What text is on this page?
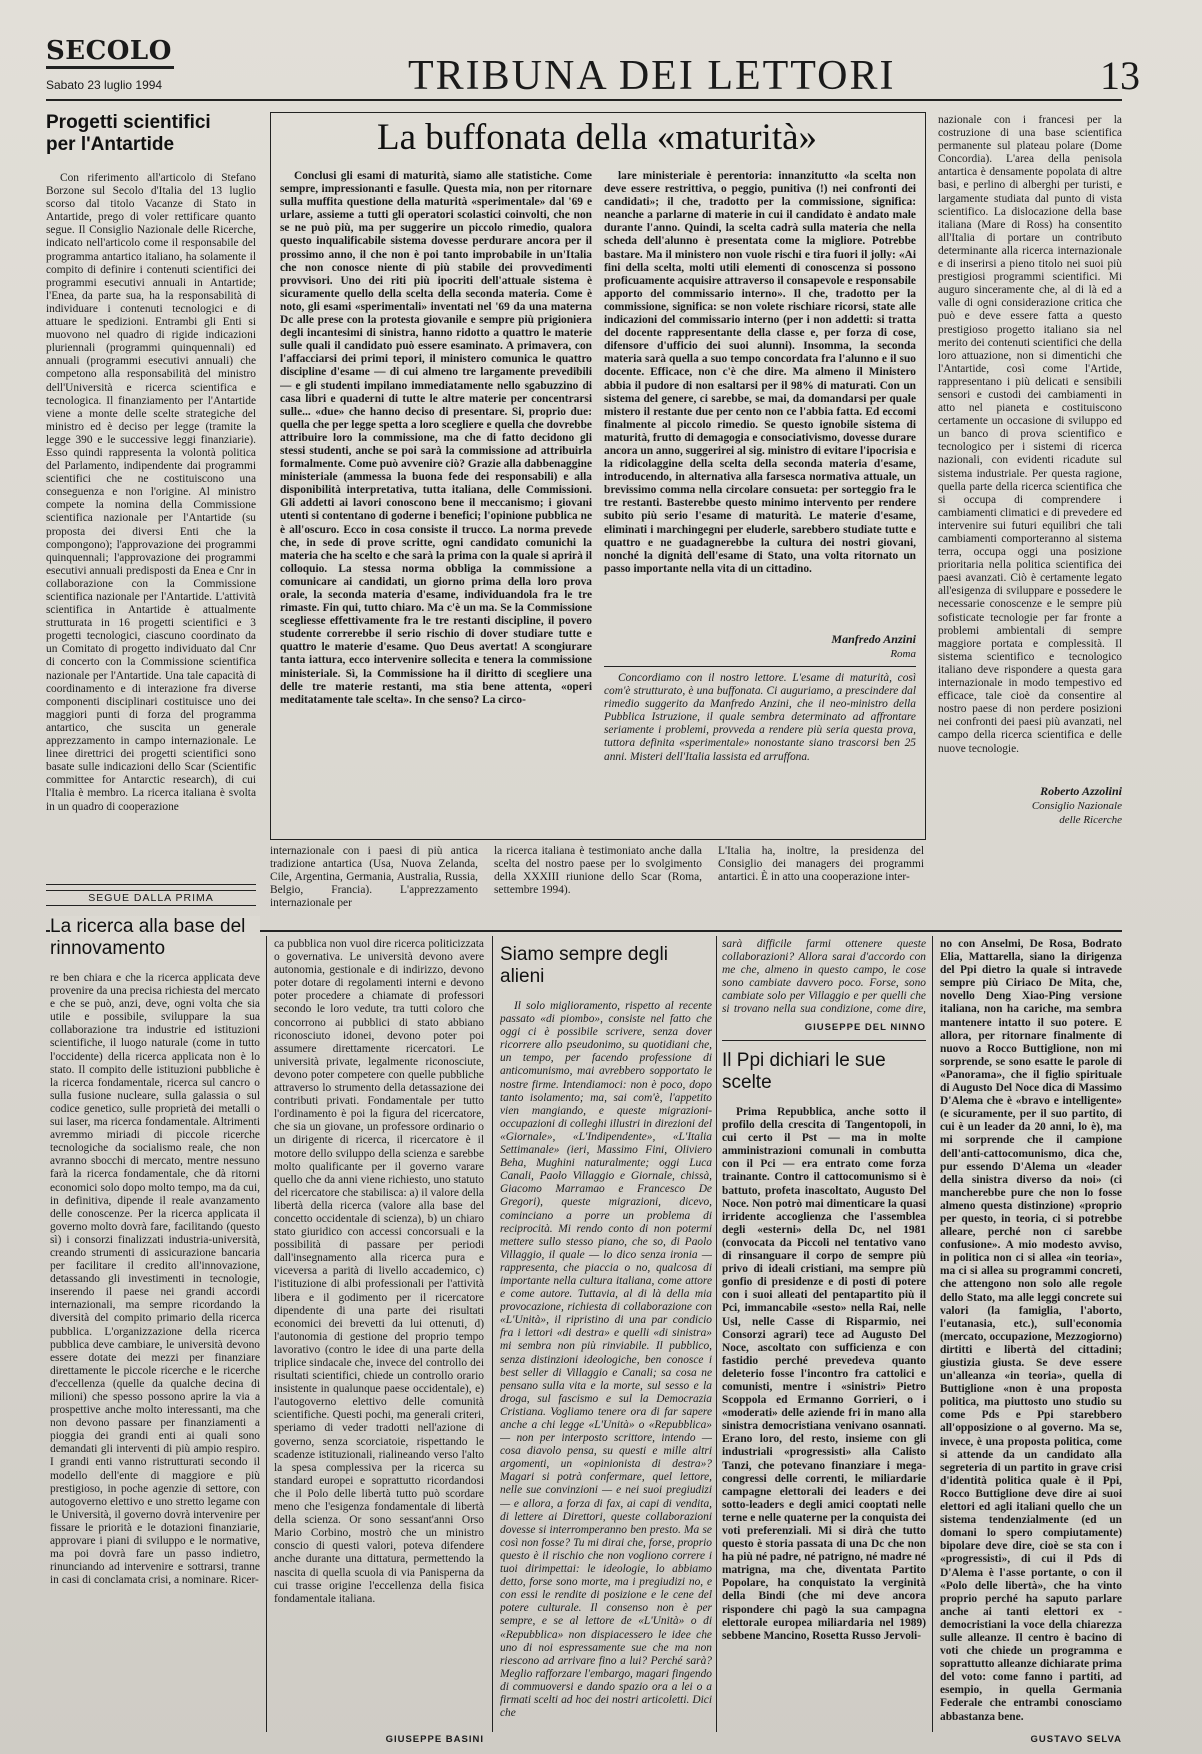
SECOLO
Sabato 23 luglio 1994	TRIBUNA DEI LETTORI	13
Progetti scientifici per l'Antartide

Con riferimento all'articolo di Stefano Borzone sul Secolo d'Italia del 13 luglio scorso dal titolo Vacanze di Stato in Antartide, prego di voler rettificare quanto segue. Il Consiglio Nazionale delle Ricerche, indicato nell'articolo come il responsabile del programma antartico italiano, ha solamente il compito di definire i contenuti scientifici dei programmi esecutivi annuali in Antartide; l'Enea, da parte sua, ha la responsabilità di individuare i contenuti tecnologici e di attuare le spedizioni. Entrambi gli Enti si muovono nel quadro di rigide indicazioni pluriennali (programmi quinquennali) ed annuali (programmi esecutivi annuali) che competono alla responsabilità del ministro dell'Università e ricerca scientifica e tecnologica. Il finanziamento per l'Antartide viene a monte delle scelte strategiche del ministro ed è deciso per legge (tramite la legge 390 e le successive leggi finanziarie). Esso quindi rappresenta la volontà politica del Parlamento, indipendente dai programmi scientifici che ne costituiscono una conseguenza e non l'origine. Al ministro compete la nomina della Commissione scientifica nazionale per l'Antartide (su proposta dei diversi Enti che la compongono); l'approvazione dei programmi quinquennali; l'approvazione dei programmi esecutivi annuali predisposti da Enea e Cnr in collaborazione con la Commissione scientifica nazionale per l'Antartide. L'attività scientifica in Antartide è attualmente strutturata in 16 progetti scientifici e 3 progetti tecnologici, ciascuno coordinato da un Comitato di progetto individuato dal Cnr di concerto con la Commissione scientifica nazionale per l'Antartide. Una tale capacità di coordinamento e di interazione fra diverse componenti disciplinari costituisce uno dei maggiori punti di forza del programma antartico, che suscita un generale apprezzamento in campo internazionale. Le linee direttrici dei progetti scientifici sono basate sulle indicazioni dello Scar (Scientific committee for Antarctic research), di cui l'Italia è membro. La ricerca italiana è svolta in un quadro di cooperazione

La buffonata della «maturità»

Conclusi gli esami di maturità, siamo alle statistiche. Come sempre, impressionanti e fasulle. Questa mia, non per ritornare sulla muffita questione della maturità «sperimentale» dal '69 e urlare, assieme a tutti gli operatori scolastici coinvolti, che non se ne può più, ma per suggerire un piccolo rimedio, qualora questo inqualificabile sistema dovesse perdurare ancora per il prossimo anno, il che non è poi tanto improbabile in un'Italia che non conosce niente di più stabile dei provvedimenti provvisori. Uno dei riti più ipocriti dell'attuale sistema è sicuramente quello della scelta della seconda materia. Come è noto, gli esami «sperimentali» inventati nel '69 da una materna Dc alle prese con la protesta giovanile e sempre più prigioniera degli incantesimi di sinistra, hanno ridotto a quattro le materie sulle quali il candidato può essere esaminato. A primavera, con l'affacciarsi dei primi tepori, il ministero comunica le quattro discipline d'esame — di cui almeno tre largamente prevedibili — e gli studenti impilano immediatamente nello sgabuzzino di casa libri e quaderni di tutte le altre materie per concentrarsi sulle... «due» che hanno deciso di presentare. Si, proprio due: quella che per legge spetta a loro scegliere e quella che dovrebbe attribuire loro la commissione, ma che di fatto decidono gli stessi studenti, anche se poi sarà la commissione ad attribuirla formalmente. Come può avvenire ciò? Grazie alla dabbenaggine ministeriale (ammessa la buona fede dei responsabili) e alla disponibilità interpretativa, tutta italiana, delle Commissioni. Gli addetti ai lavori conoscono bene il meccanismo; i giovani utenti si contentano di goderne i benefici; l'opinione pubblica ne è all'oscuro. Ecco in cosa consiste il trucco. La norma prevede che, in sede di prove scritte, ogni candidato comunichi la materia che ha scelto e che sarà la prima con la quale si aprirà il colloquio. La stessa norma obbliga la commissione a comunicare ai candidati, un giorno prima della loro prova orale, la seconda materia d'esame, individuandola fra le tre rimaste. Fin qui, tutto chiaro. Ma c'è un ma. Se la Commissione scegliesse effettivamente fra le tre restanti discipline, il povero studente correrebbe il serio rischio di dover studiare tutte e quattro le materie d'esame. Quo Deus avertat! A scongiurare tanta iattura, ecco intervenire sollecita e tenera la commissione ministeriale. Sì, la Commissione ha il diritto di scegliere una delle tre materie restanti, ma stia bene attenta, «operi meditatamente tale scelta». In che senso? La circo-

lare ministeriale è perentoria: innanzitutto «la scelta non deve essere restrittiva, o peggio, punitiva (!) nei confronti dei candidati»; il che, tradotto per la commissione, significa: neanche a parlarne di materie in cui il candidato è andato male durante l'anno. Quindi, la scelta cadrà sulla materia che nella scheda dell'alunno è presentata come la migliore. Potrebbe bastare. Ma il ministero non vuole rischi e tira fuori il jolly: «Ai fini della scelta, molti utili elementi di conoscenza si possono proficuamente acquisire attraverso il consapevole e responsabile apporto del commissario interno». Il che, tradotto per la commissione, significa: se non volete rischiare ricorsi, state alle indicazioni del commissario interno (per i non addetti: si tratta del docente rappresentante della classe e, per forza di cose, difensore d'ufficio dei suoi alunni). Insomma, la seconda materia sarà quella a suo tempo concordata fra l'alunno e il suo docente. Efficace, non c'è che dire. Ma almeno il Ministero abbia il pudore di non esaltarsi per il 98% di maturati. Con un sistema del genere, ci sarebbe, se mai, da domandarsi per quale mistero il restante due per cento non ce l'abbia fatta. Ed eccomi finalmente al piccolo rimedio. Se questo ignobile sistema di maturità, frutto di demagogia e consociativismo, dovesse durare ancora un anno, suggerirei al sig. ministro di evitare l'ipocrisia e la ridicolaggine della scelta della seconda materia d'esame, introducendo, in alternativa alla farsesca normativa attuale, un brevissimo comma nella circolare consueta: per sorteggio fra le tre restanti. Basterebbe questo minimo intervento per rendere subito più serio l'esame di maturità. Le materie d'esame, eliminati i marchingegni per eluderle, sarebbero studiate tutte e quattro e ne guadagnerebbe la cultura dei nostri giovani, nonché la dignità dell'esame di Stato, una volta ritornato un passo importante nella vita di un cittadino.

Manfredo Anzini
Roma

Concordiamo con il nostro lettore. L'esame di maturità, così com'è strutturato, è una buffonata. Ci auguriamo, a prescindere dal rimedio suggerito da Manfredo Anzini, che il neo-ministro della Pubblica Istruzione, il quale sembra determinato ad affrontare seriamente i problemi, provveda a rendere più seria questa prova, tuttora definita «sperimentale» nonostante siano trascorsi ben 25 anni. Misteri dell'Italia lassista ed arruffona.

nazionale con i francesi per la costruzione di una base scientifica permanente sul plateau polare (Dome Concordia). L'area della penisola antartica è densamente popolata di altre basi, e perlino di alberghi per turisti, e largamente studiata dal punto di vista scientifico. La dislocazione della base italiana (Mare di Ross) ha consentito all'Italia di portare un contributo determinante alla ricerca internazionale e di inserirsi a pieno titolo nei suoi più prestigiosi programmi scientifici. Mi auguro sinceramente che, al di là ed a valle di ogni considerazione critica che può e deve essere fatta a questo prestigioso progetto italiano sia nel merito dei contenuti scientifici che della loro attuazione, non si dimentichi che l'Antartide, così come l'Artide, rappresentano i più delicati e sensibili sensori e custodi dei cambiamenti in atto nel pianeta e costituiscono certamente un occasione di sviluppo ed un banco di prova scientifico e tecnologico per i sistemi di ricerca nazionali, con evidenti ricadute sul sistema industriale. Per questa ragione, quella parte della ricerca scientifica che si occupa di comprendere i cambiamenti climatici e di prevedere ed intervenire sui futuri equilibri che tali cambiamenti comporteranno al sistema terra, occupa oggi una posizione prioritaria nella politica scientifica dei paesi avanzati. Ciò è certamente legato all'esigenza di sviluppare e possedere le necessarie conoscenze e le sempre più sofisticate tecnologie per far fronte a problemi ambientali di sempre maggiore portata e complessità. Il sistema scientifico e tecnologico italiano deve rispondere a questa gara internazionale in modo tempestivo ed efficace, tale cioè da consentire al nostro paese di non perdere posizioni nei confronti dei paesi più avanzati, nel campo della ricerca scientifica e delle nuove tecnologie.

Roberto Azzolini
Consiglio Nazionale
delle Ricerche

internazionale con i paesi di più antica tradizione antartica (Usa, Nuova Zelanda, Cile, Argentina, Germania, Australia, Russia, Belgio, Francia). L'apprezzamento internazionale per

la ricerca italiana è testimoniato anche dalla scelta del nostro paese per lo svolgimento della XXXIII riunione dello Scar (Roma, settembre 1994).

L'Italia ha, inoltre, la presidenza del Consiglio dei managers dei programmi antartici. È in atto una cooperazione inter-

SEGUE DALLA PRIMA
La ricerca alla base del rinnovamento

re ben chiara e che la ricerca applicata deve provenire da una precisa richiesta del mercato e che se può, anzi, deve, ogni volta che sia utile e possibile, sviluppare la sua collaborazione tra industrie ed istituzioni scientifiche, il luogo naturale (come in tutto l'occidente) della ricerca applicata non è lo stato. Il compito delle istituzioni pubbliche è la ricerca fondamentale, ricerca sul cancro o sulla fusione nucleare, sulla galassia o sul codice genetico, sulle proprietà dei metalli o sui laser, ma ricerca fondamentale. Altrimenti avremmo miriadi di piccole ricerche tecnologiche da socialismo reale, che non avranno sbocchi di mercato, mentre nessuno farà la ricerca fondamentale, che dà ritorni economici solo dopo molto tempo, ma da cui, in definitiva, dipende il reale avanzamento delle conoscenze. Per la ricerca applicata il governo molto dovrà fare, facilitando (questo sì) i consorzi finalizzati industria-università, creando strumenti di assicurazione bancaria per facilitare il credito all'innovazione, detassando gli investimenti in tecnologie, inserendo il paese nei grandi accordi internazionali, ma sempre ricordando la diversità del compito primario della ricerca pubblica. L'organizzazione della ricerca pubblica deve cambiare, le università devono essere dotate dei mezzi per finanziare direttamente le piccole ricerche e le ricerche d'eccellenza (quelle da qualche decina di milioni) che spesso possono aprire la via a prospettive anche molto interessanti, ma che non devono passare per finanziamenti a pioggia dei grandi enti ai quali sono demandati gli interventi di più ampio respiro. I grandi enti vanno ristrutturati secondo il modello dell'ente di maggiore e più prestigioso, in poche agenzie di settore, con autogoverno elettivo e uno stretto legame con le Università, il governo dovrà intervenire per fissare le priorità e le dotazioni finanziarie, approvare i piani di sviluppo e le normative, ma poi dovrà fare un passo indietro, rinunciando ad intervenire e sottrarsi, tranne in casi di conclamata crisi, a nominare. Ricer-

ca pubblica non vuol dire ricerca politicizzata o governativa. Le università devono avere autonomia, gestionale e di indirizzo, devono poter dotare di regolamenti interni e devono poter procedere a chiamate di professori secondo le loro vedute, tra tutti coloro che concorrono ai pubblici di stato abbiano riconosciuto idonei, devono poter poi assumere direttamente ricercatori. Le università private, legalmente riconosciute, devono poter competere con quelle pubbliche attraverso lo strumento della detassazione dei contributi privati. Fondamentale per tutto l'ordinamento è poi la figura del ricercatore, che sia un giovane, un professore ordinario o un dirigente di ricerca, il ricercatore è il motore dello sviluppo della scienza e sarebbe molto qualificante per il governo varare quello che da anni viene richiesto, uno statuto del ricercatore che stabilisca: a) il valore della libertà della ricerca (valore alla base del concetto occidentale di scienza), b) un chiaro stato giuridico con accessi concorsuali e la possibilità di passare per periodi dall'insegnamento alla ricerca pura e viceversa a parità di livello accademico, c) l'istituzione di albi professionali per l'attività libera e il godimento per il ricercatore dipendente di una parte dei risultati economici dei brevetti da lui ottenuti, d) l'autonomia di gestione del proprio tempo lavorativo (contro le idee di una parte della triplice sindacale che, invece del controllo dei risultati scientifici, chiede un controllo orario insistente in qualunque paese occidentale), e) l'autogoverno elettivo delle comunità scientifiche. Questi pochi, ma generali criteri, speriamo di veder tradotti nell'azione di governo, senza scorciatoie, rispettando le scadenze istituzionali, rialineando verso l'alto la spesa complessiva per la ricerca su standard europei e soprattutto ricordandosi che il Polo delle libertà tutto può scordare meno che l'esigenza fondamentale di libertà della scienza. Or sono sessant'anni Orso Mario Corbino, mostrò che un ministro conscio di questi valori, poteva difendere anche durante una dittatura, permettendo la nascita di quella scuola di via Panisperna da cui trasse origine l'eccellenza della fisica fondamentale italiana.

GIUSEPPE BASINI
Siamo sempre degli alieni

Il solo miglioramento, rispetto al recente passato «di piombo», consiste nel fatto che oggi ci è possibile scrivere, senza dover ricorrere allo pseudonimo, su quotidiani che, un tempo, per facendo professione di anticomunismo, mai avrebbero sopportato le nostre firme. Intendiamoci: non è poco, dopo tanto isolamento; ma, sai com'è, l'appetito vien mangiando, e queste migrazioni-occupazioni di colleghi illustri in direzioni del «Giornale», «L'Indipendente», «L'Italia Settimanale» (ieri, Massimo Fini, Oliviero Beha, Mughini naturalmente; oggi Luca Canali, Paolo Villaggio e Giornale, chissà, Giacomo Marramao e Francesco De Gregori), queste migrazioni, dicevo, cominciano a porre un problema di reciprocità. Mi rendo conto di non potermi mettere sullo stesso piano, che so, di Paolo Villaggio, il quale — lo dico senza ironia — rappresenta, che piaccia o no, qualcosa di importante nella cultura italiana, come attore e come autore. Tuttavia, al di là della mia provocazione, richiesta di collaborazione con «L'Unità», il ripristino di una par condicio fra i lettori «di destra» e quelli «di sinistra» mi sembra non più rinviabile. Il pubblico, senza distinzioni ideologiche, ben conosce i best seller di Villaggio e Canali; sa cosa ne pensano sulla vita e la morte, sul sesso e la droga, sul fascismo e sul la Democrazia Cristiana. Vogliamo tenere ora di far sapere anche a chi legge «L'Unità» o «Repubblica» — non per interposto scrittore, intendo — cosa diavolo pensa, su questi e mille altri argomenti, un «opinionista di destra»? Magari si potrà confermare, quel lettore, nelle sue convinzioni — e nei suoi pregiudizi — e allora, a forza di fax, ai capi di vendita, di lettere ai Direttori, queste collaborazioni dovesse si interromperanno ben presto. Ma se così non fosse? Tu mi dirai che, forse, proprio questo è il rischio che non vogliono correre i tuoi dirimpettai: le ideologie, lo abbiamo detto, forse sono morte, ma i pregiudizi no, e con essi le rendite di posizione e le cene del potere culturale. Il consenso non è per sempre, e se al lettore de «L'Unità» o di «Repubblica» non dispiacessero le idee che uno di noi espressamente sue che ma non riescono ad arrivare fino a lui? Perché sarà? Meglio rafforzare l'embargo, magari fingendo di commuoversi e dando spazio ora a lei o a firmati scelti ad hoc dei nostri articoletti. Dici che

sarà difficile farmi ottenere queste collaborazioni? Allora sarai d'accordo con me che, almeno in questo campo, le cose sono cambiate davvero poco. Forse, sono cambiate solo per Villaggio e per quelli che si trovano nella sua condizione, come dire,

GIUSEPPE DEL NINNO
Il Ppi dichiari le sue scelte

Prima Repubblica, anche sotto il profilo della crescita di Tangentopoli, in cui certo il Pst — ma in molte amministrazioni comunali in combutta con il Pci — era entrato come forza trainante. Contro il cattocomunismo si è battuto, profeta inascoltato, Augusto Del Noce. Non potrò mai dimenticare la quasi irridente accoglienza che l'assemblea degli «esterni» della Dc, nel 1981 (convocata da Piccoli nel tentativo vano di rinsanguare il corpo de sempre più privo di ideali cristiani, ma sempre più gonfio di presidenze e di posti di potere con i suoi alleati del pentapartito più il Pci, immancabile «sesto» nella Rai, nelle Usl, nelle Casse di Risparmio, nei Consorzi agrari) tece ad Augusto Del Noce, ascoltato con sufficienza e con fastidio perché prevedeva quanto deleterio fosse l'incontro fra cattolici e comunisti, mentre i «sinistri» Pietro Scoppola ed Ermanno Gorrieri, o i «moderati» delle aziende fri in mano alla sinistra democristiana venivano osannati. Erano loro, del resto, insieme con gli industriali «progressisti» alla Calisto Tanzi, che potevano finanziare i mega-congressi delle correnti, le miliardarie campagne elettorali dei leaders e dei sotto-leaders e degli amici cooptati nelle terne e nelle quaterne per la conquista dei voti preferenziali. Mi si dirà che tutto questo è storia passata di una Dc che non ha più né padre, né patrigno, né madre né matrigna, ma che, diventata Partito Popolare, ha conquistato la verginità della Bindi (che mi deve ancora rispondere chi pagò la sua campagna elettorale europea miliardaria nel 1989) sebbene Mancino, Rosetta Russo Jervoli-

no con Anselmi, De Rosa, Bodrato Elia, Mattarella, siano la dirigenza del Ppi dietro la quale si intravede sempre più Ciriaco De Mita, che, novello Deng Xiao-Ping versione italiana, non ha cariche, ma sembra mantenere intatto il suo potere. E allora, per ritornare finalmente di nuovo a Rocco Buttiglione, non mi sorprende, se sono esatte le parole di «Panorama», che il figlio spirituale di Augusto Del Noce dica di Massimo D'Alema che è «bravo e intelligente» (e sicuramente, per il suo partito, di cui è un leader da 20 anni, lo è), ma mi sorprende che il campione dell'anti-cattocomunismo, dica che, pur essendo D'Alema un «leader della sinistra diverso da noi» (ci mancherebbe pure che non lo fosse almeno questa distinzione) «proprio per questo, in teoria, ci si potrebbe alleare, perché non ci sarebbe confusione». A mio modesto avviso, in politica non ci si allea «in teoria», ma ci si allea su programmi concreti, che attengono non solo alle regole dello Stato, ma alle leggi concrete sui valori (la famiglia, l'aborto, l'eutanasia, etc.), sull'economia (mercato, occupazione, Mezzogiorno) dirtitti e libertà del cittadini; giustizia giusta. Se deve essere un'alleanza «in teoria», quella di Buttiglione «non è una proposta politica, ma piuttosto uno studio su come Pds e Ppi starebbero all'opposizione o al governo. Ma se, invece, è una proposta politica, come si attende da un candidato alla segreteria di un partito in grave crisi d'identità politica quale è il Ppi, Rocco Buttiglione deve dire ai suoi elettori ed agli italiani quello che un sistema tendenzialmente (ed un domani lo spero compiutamente) bipolare deve dire, cioè se sta con i «progressisti», di cui il Pds di D'Alema è l'asse portante, o con il «Polo delle libertà», che ha vinto proprio perché ha saputo parlare anche ai tanti elettori ex - democristiani la voce della chiarezza sulle alleanze. Il centro è bacino di voti che chiede un programma e soprattutto alleanze dichiarate prima del voto: come fanno i partiti, ad esempio, in quella Germania Federale che entrambi conosciamo abbastanza bene.

GUSTAVO SELVA
